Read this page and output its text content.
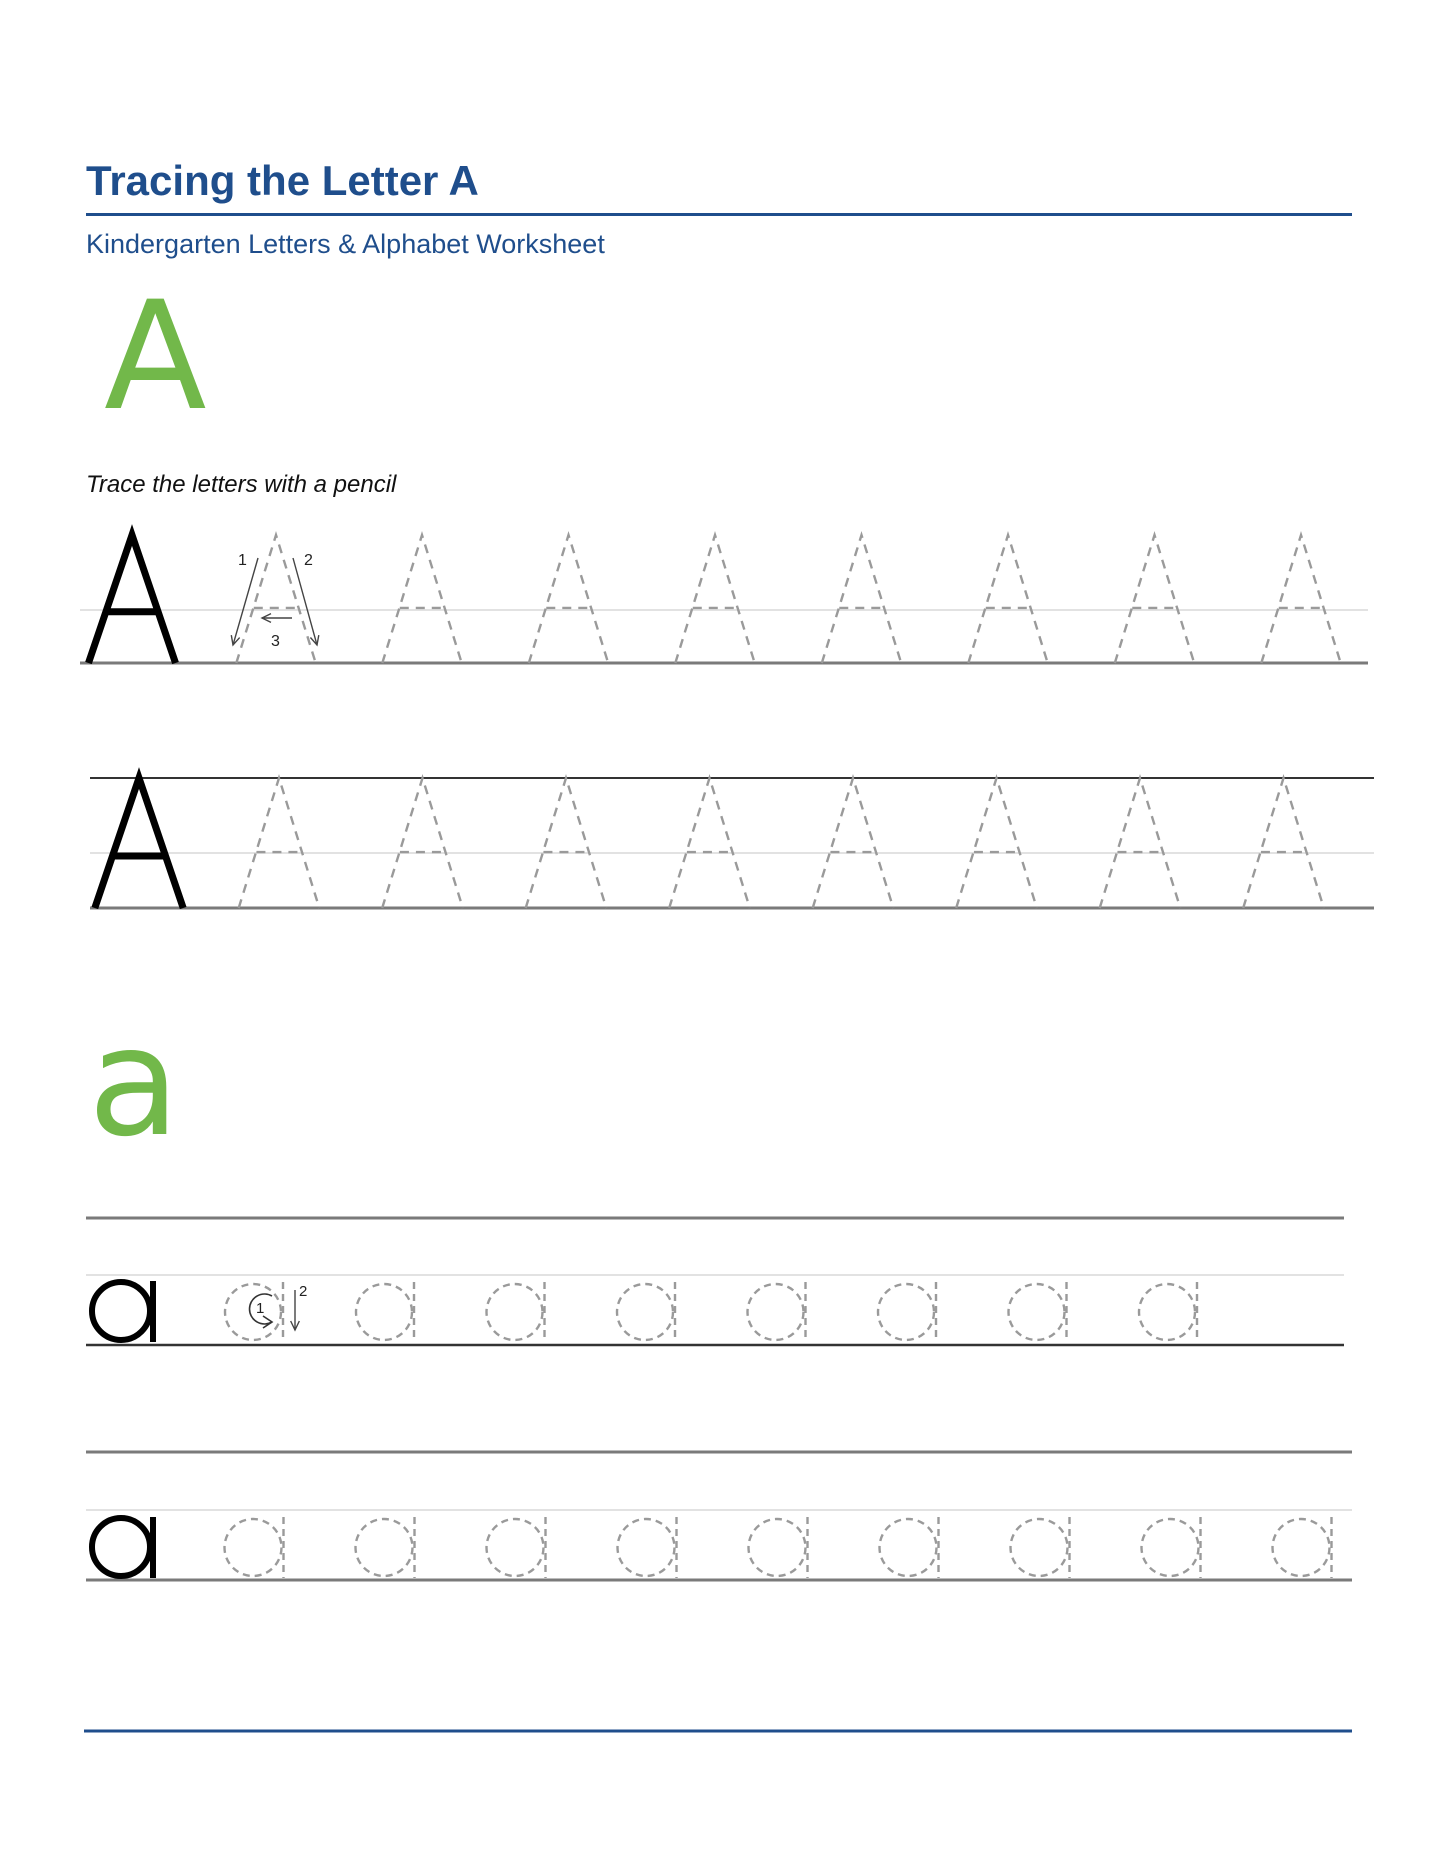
Tracing the Letter A
Kindergarten Letters & Alphabet Worksheet
A
Trace the letters with a pencil
a
1	2
3
1
2
